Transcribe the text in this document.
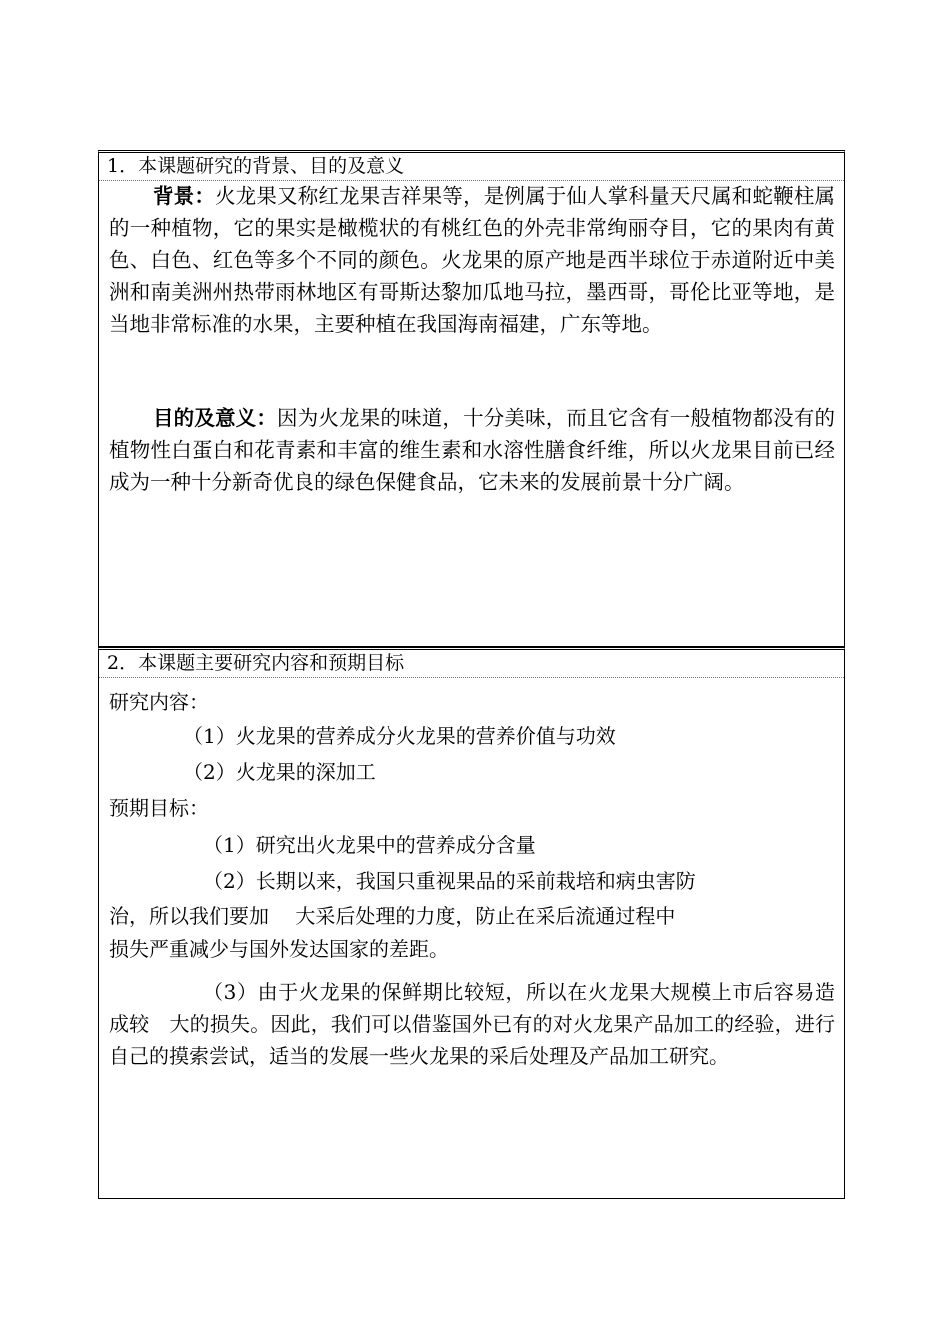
1．本课题研究的背景、目的及意义
背景：火龙果又称红龙果吉祥果等，是例属于仙人掌科量天尺属和蛇鞭柱属的一种植物，它的果实是橄榄状的有桃红色的外壳非常绚丽夺目，它的果肉有黄色、白色、红色等多个不同的颜色。火龙果的原产地是西半球位于赤道附近中美洲和南美洲州热带雨林地区有哥斯达黎加瓜地马拉，墨西哥，哥伦比亚等地，是当地非常标准的水果，主要种植在我国海南福建，广东等地。
目的及意义：因为火龙果的味道，十分美味，而且它含有一般植物都没有的植物性白蛋白和花青素和丰富的维生素和水溶性膳食纤维，所以火龙果目前已经成为一种十分新奇优良的绿色保健食品，它未来的发展前景十分广阔。
2．本课题主要研究内容和预期目标
研究内容：
（1）火龙果的营养成分火龙果的营养价值与功效
（2）火龙果的深加工
预期目标：
（1）研究出火龙果中的营养成分含量
（2）长期以来，我国只重视果品的采前栽培和病虫害防
治，所以我们要加　 大采后处理的力度，防止在采后流通过程中
损失严重减少与国外发达国家的差距。
（3）由于火龙果的保鲜期比较短，所以在火龙果大规模上市后容易造成较　大的损失。因此，我们可以借鉴国外已有的对火龙果产品加工的经验，进行自己的摸索尝试，适当的发展一些火龙果的采后处理及产品加工研究。
